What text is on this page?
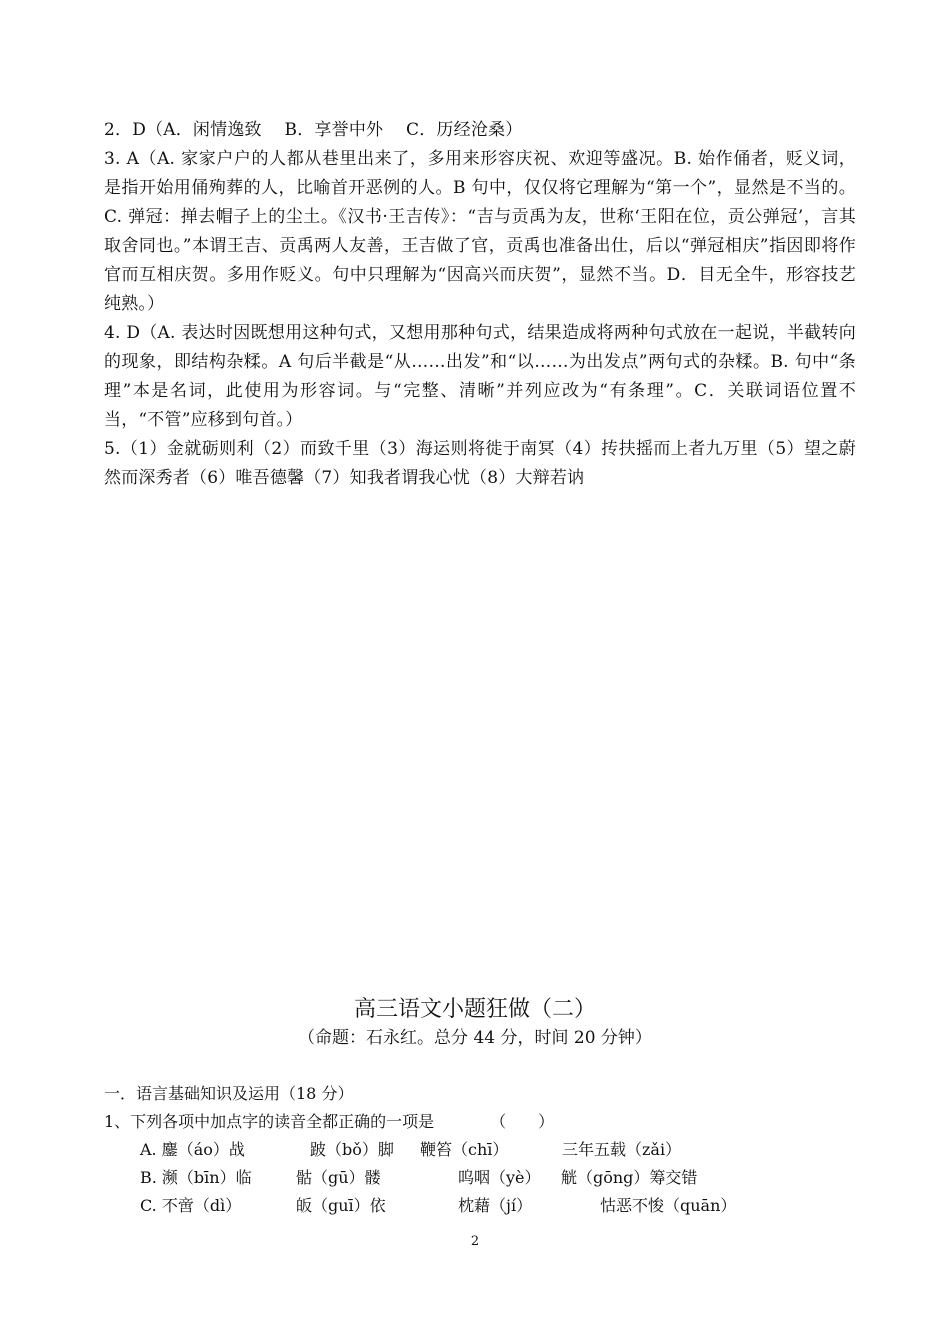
2．D（A．闲情逸致　 B．享誉中外　 C．历经沧桑）

3. A（A. 家家户户的人都从巷里出来了，多用来形容庆祝、欢迎等盛况。B. 始作俑者，贬义词，是指开始用俑殉葬的人，比喻首开恶例的人。B 句中，仅仅将它理解为“第一个”，显然是不当的。C. 弹冠：掸去帽子上的尘土。《汉书·王吉传》：“吉与贡禹为友，世称‘王阳在位，贡公弹冠’，言其取舍同也。”本谓王吉、贡禹两人友善，王吉做了官，贡禹也准备出仕，后以“弹冠相庆”指因即将作官而互相庆贺。多用作贬义。句中只理解为“因高兴而庆贺”，显然不当。D．目无全牛，形容技艺纯熟。）

4. D（A. 表达时因既想用这种句式，又想用那种句式，结果造成将两种句式放在一起说，半截转向的现象，即结构杂糅。A 句后半截是“从……出发”和“以……为出发点”两句式的杂糅。B. 句中“条理”本是名词，此使用为形容词。与“完整、清晰”并列应改为“有条理”。C．关联词语位置不当，“不管”应移到句首。）

5.（1）金就砺则利（2）而致千里（3）海运则将徙于南冥（4）抟扶摇而上者九万里（5）望之蔚然而深秀者（6）唯吾德馨（7）知我者谓我心忧（8）大辩若讷

高三语文小题狂做（二）
（命题：石永红。总分 44 分，时间 20 分钟）
一．语言基础知识及运用（18 分）
1、下列各项中加点字的读音全都正确的一项是　　　　（　　）
A. 鏖（áo）战	跛（bǒ）脚 鞭笞（chī）	三年五载（zǎi）
B. 濒（bīn）临	骷（gū）髅	呜咽（yè） 觥（gōng）筹交错
C. 不啻（dì）	皈（guī）依	枕藉（jí）	怙恶不悛（quān）
2
